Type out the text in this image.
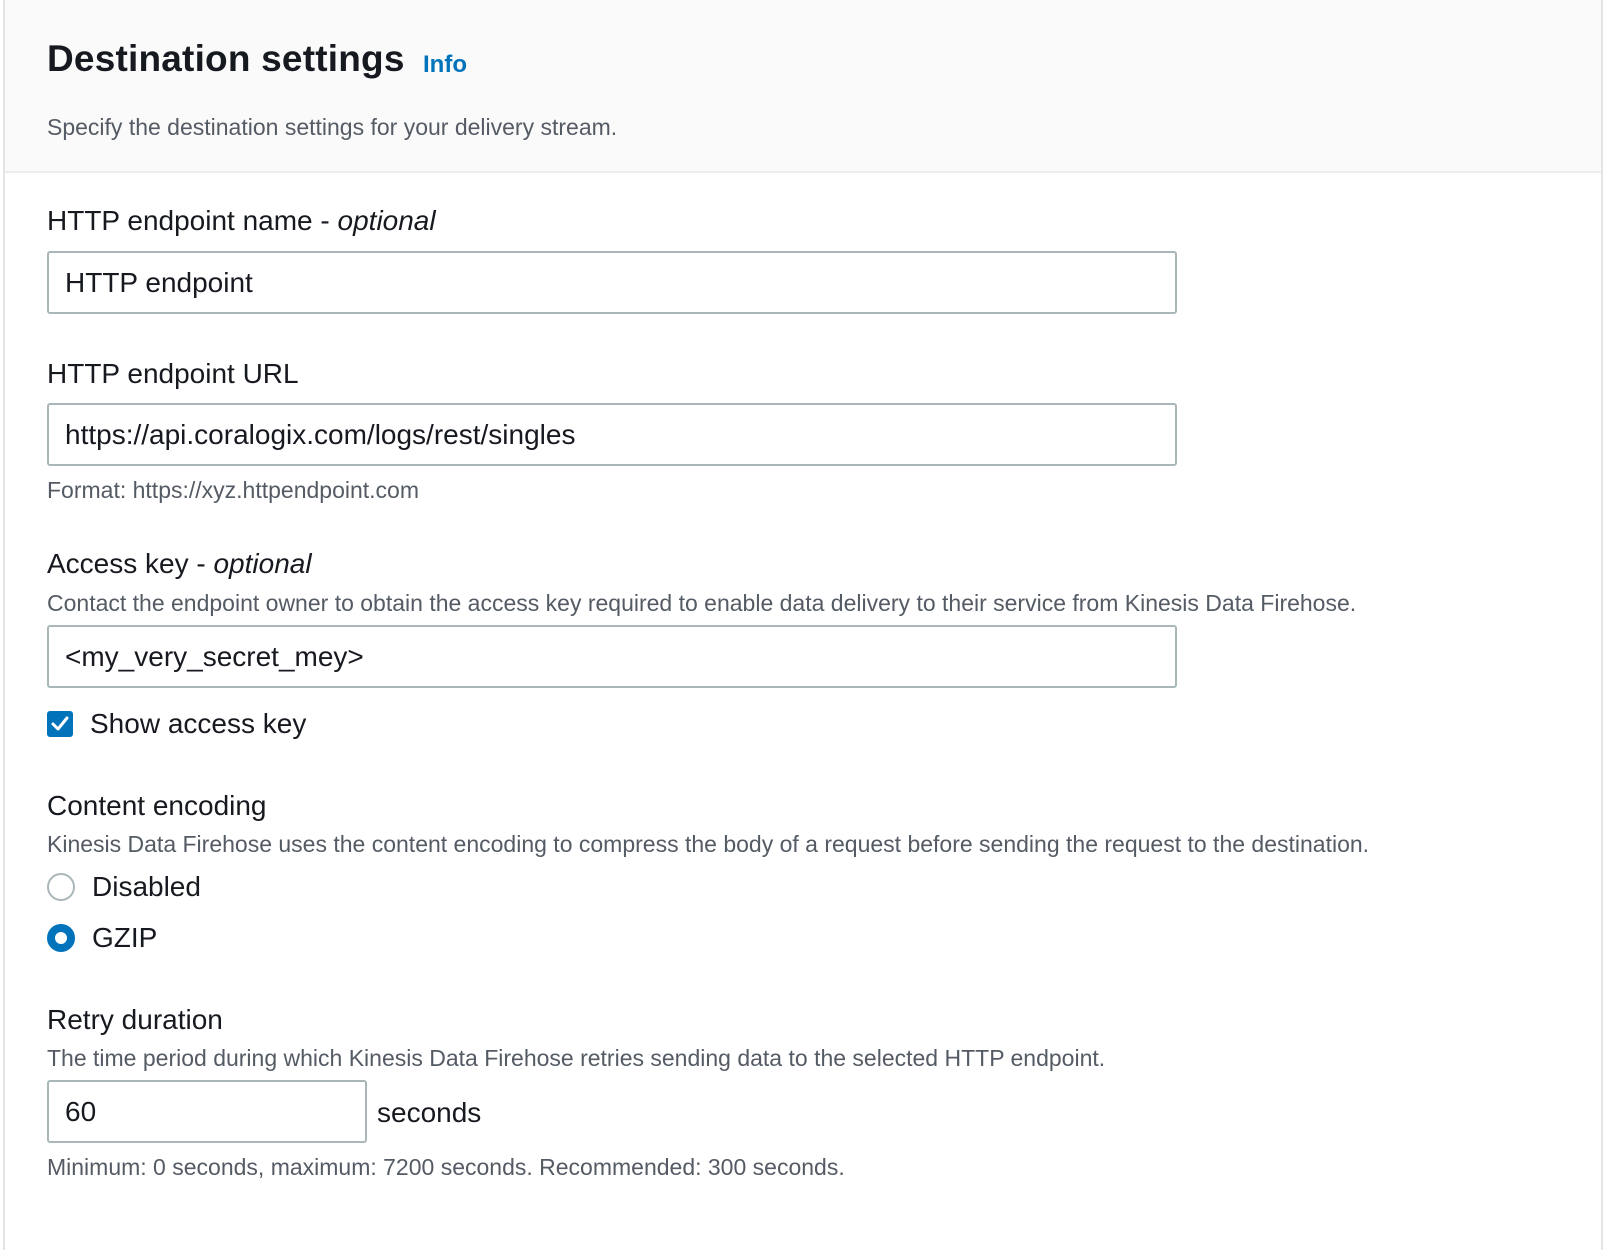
Destination settings Info
Specify the destination settings for your delivery stream.
HTTP endpoint name - optional
HTTP endpoint
HTTP endpoint URL
https://api.coralogix.com/logs/rest/singles
Format: https://xyz.httpendpoint.com
Access key - optional
Contact the endpoint owner to obtain the access key required to enable data delivery to their service from Kinesis Data Firehose.
<my_very_secret_mey>
Show access key
Content encoding
Kinesis Data Firehose uses the content encoding to compress the body of a request before sending the request to the destination.
Disabled
GZIP
Retry duration
The time period during which Kinesis Data Firehose retries sending data to the selected HTTP endpoint.
60
seconds
Minimum: 0 seconds, maximum: 7200 seconds. Recommended: 300 seconds.
